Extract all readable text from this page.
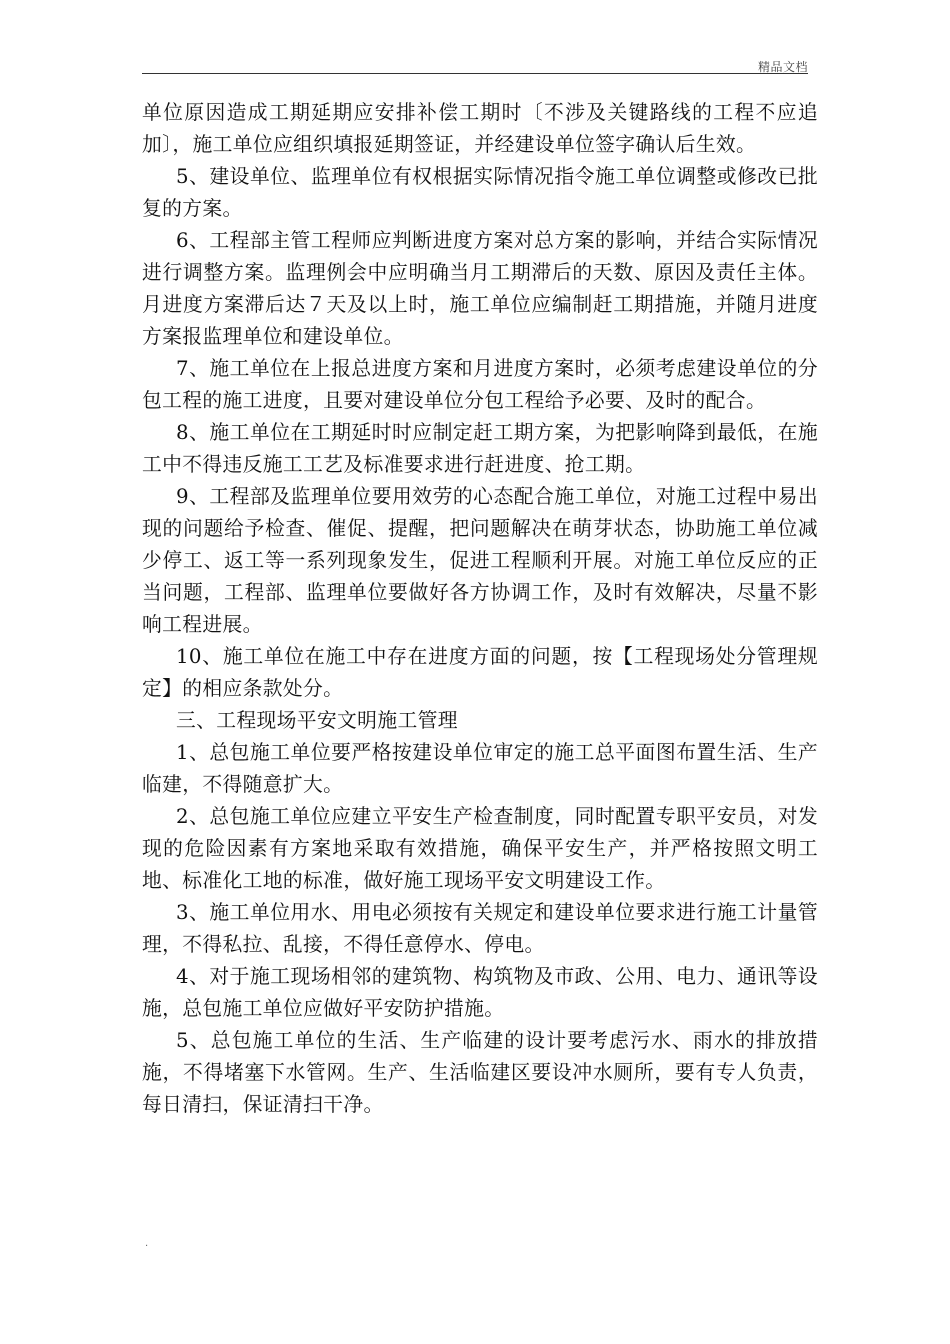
精品文档

单位原因造成工期延期应安排补偿工期时〔不涉及关键路线的工程不应追加〕，施工单位应组织填报延期签证，并经建设单位签字确认后生效。

5、建设单位、监理单位有权根据实际情况指令施工单位调整或修改已批复的方案。

6、工程部主管工程师应判断进度方案对总方案的影响，并结合实际情况进行调整方案。监理例会中应明确当月工期滞后的天数、原因及责任主体。月进度方案滞后达７天及以上时，施工单位应编制赶工期措施，并随月进度方案报监理单位和建设单位。

7、施工单位在上报总进度方案和月进度方案时，必须考虑建设单位的分包工程的施工进度，且要对建设单位分包工程给予必要、及时的配合。

8、施工单位在工期延时时应制定赶工期方案，为把影响降到最低，在施工中不得违反施工工艺及标准要求进行赶进度、抢工期。

9、工程部及监理单位要用效劳的心态配合施工单位，对施工过程中易出现的问题给予检查、催促、提醒，把问题解决在萌芽状态，协助施工单位减少停工、返工等一系列现象发生，促进工程顺利开展。对施工单位反应的正当问题，工程部、监理单位要做好各方协调工作，及时有效解决，尽量不影响工程进展。

10、施工单位在施工中存在进度方面的问题，按【工程现场处分管理规定】的相应条款处分。

三、工程现场平安文明施工管理

1、总包施工单位要严格按建设单位审定的施工总平面图布置生活、生产临建，不得随意扩大。

2、总包施工单位应建立平安生产检查制度，同时配置专职平安员，对发现的危险因素有方案地采取有效措施，确保平安生产，并严格按照文明工地、标准化工地的标准，做好施工现场平安文明建设工作。

3、施工单位用水、用电必须按有关规定和建设单位要求进行施工计量管理，不得私拉、乱接，不得任意停水、停电。

4、对于施工现场相邻的建筑物、构筑物及市政、公用、电力、通讯等设施，总包施工单位应做好平安防护措施。

5、总包施工单位的生活、生产临建的设计要考虑污水、雨水的排放措施，不得堵塞下水管网。生产、生活临建区要设冲水厕所，要有专人负责，每日清扫，保证清扫干净。

.
